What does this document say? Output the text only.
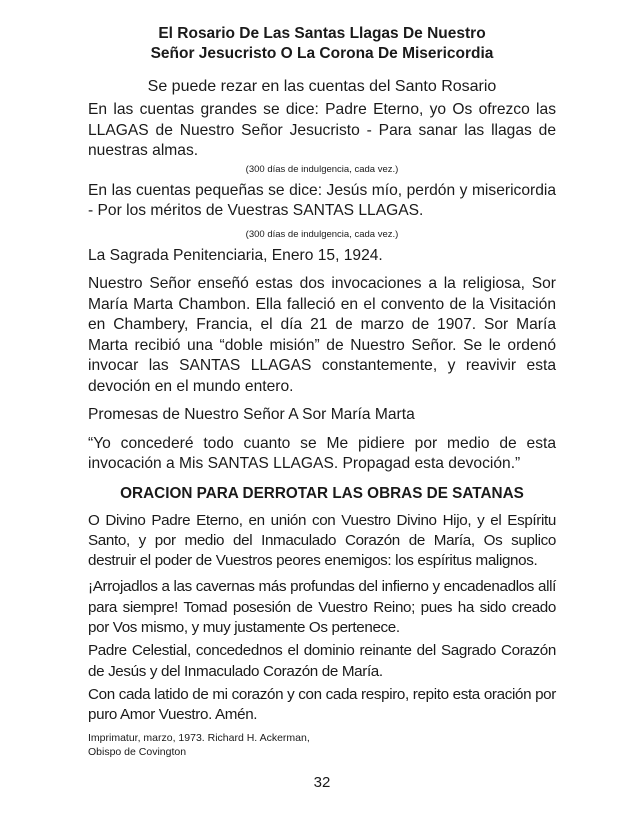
El Rosario De Las Santas Llagas De Nuestro
Señor Jesucristo O La Corona De Misericordia

Se puede rezar en las cuentas del Santo Rosario

En las cuentas grandes se dice: Padre Eterno, yo Os ofrezco las LLAGAS de Nuestro Señor Jesucristo - Para sanar las llagas de nuestras almas.

(300 días de indulgencia, cada vez.)

En las cuentas pequeñas se dice: Jesús mío, perdón y misericordia - Por los méritos de Vuestras SANTAS LLAGAS.

(300 días de indulgencia, cada vez.)

La Sagrada Penitenciaria, Enero 15, 1924.

Nuestro Señor enseñó estas dos invocaciones a la religiosa, Sor María Marta Chambon. Ella falleció en el convento de la Visitación en Chambery, Francia, el día 21 de marzo de 1907. Sor María Marta recibió una “doble misión” de Nuestro Señor. Se le ordenó invocar las SANTAS LLAGAS constantemente, y reavivir esta devoción en el mundo entero.

Promesas de Nuestro Señor A Sor María Marta

“Yo concederé todo cuanto se Me pidiere por medio de esta invocación a Mis SANTAS LLAGAS. Propagad esta devoción.”

ORACION PARA DERROTAR LAS OBRAS DE SATANAS

O Divino Padre Eterno, en unión con Vuestro Divino Hijo, y el Espíritu Santo, y por medio del Inmaculado Corazón de María, Os suplico destruir el poder de Vuestros peores enemigos: los espíritus malignos.

¡Arrojadlos a las cavernas más profundas del infierno y encadenadlos allí para siempre! Tomad posesión de Vuestro Reino; pues ha sido creado por Vos mismo, y muy justamente Os pertenece.

Padre Celestial, concedednos el dominio reinante del Sagrado Corazón de Jesús y del Inmaculado Corazón de María.

Con cada latido de mi corazón y con cada respiro, repito esta oración por puro Amor Vuestro. Amén.

Imprimatur, marzo, 1973. Richard H. Ackerman,
Obispo de Covington

32
